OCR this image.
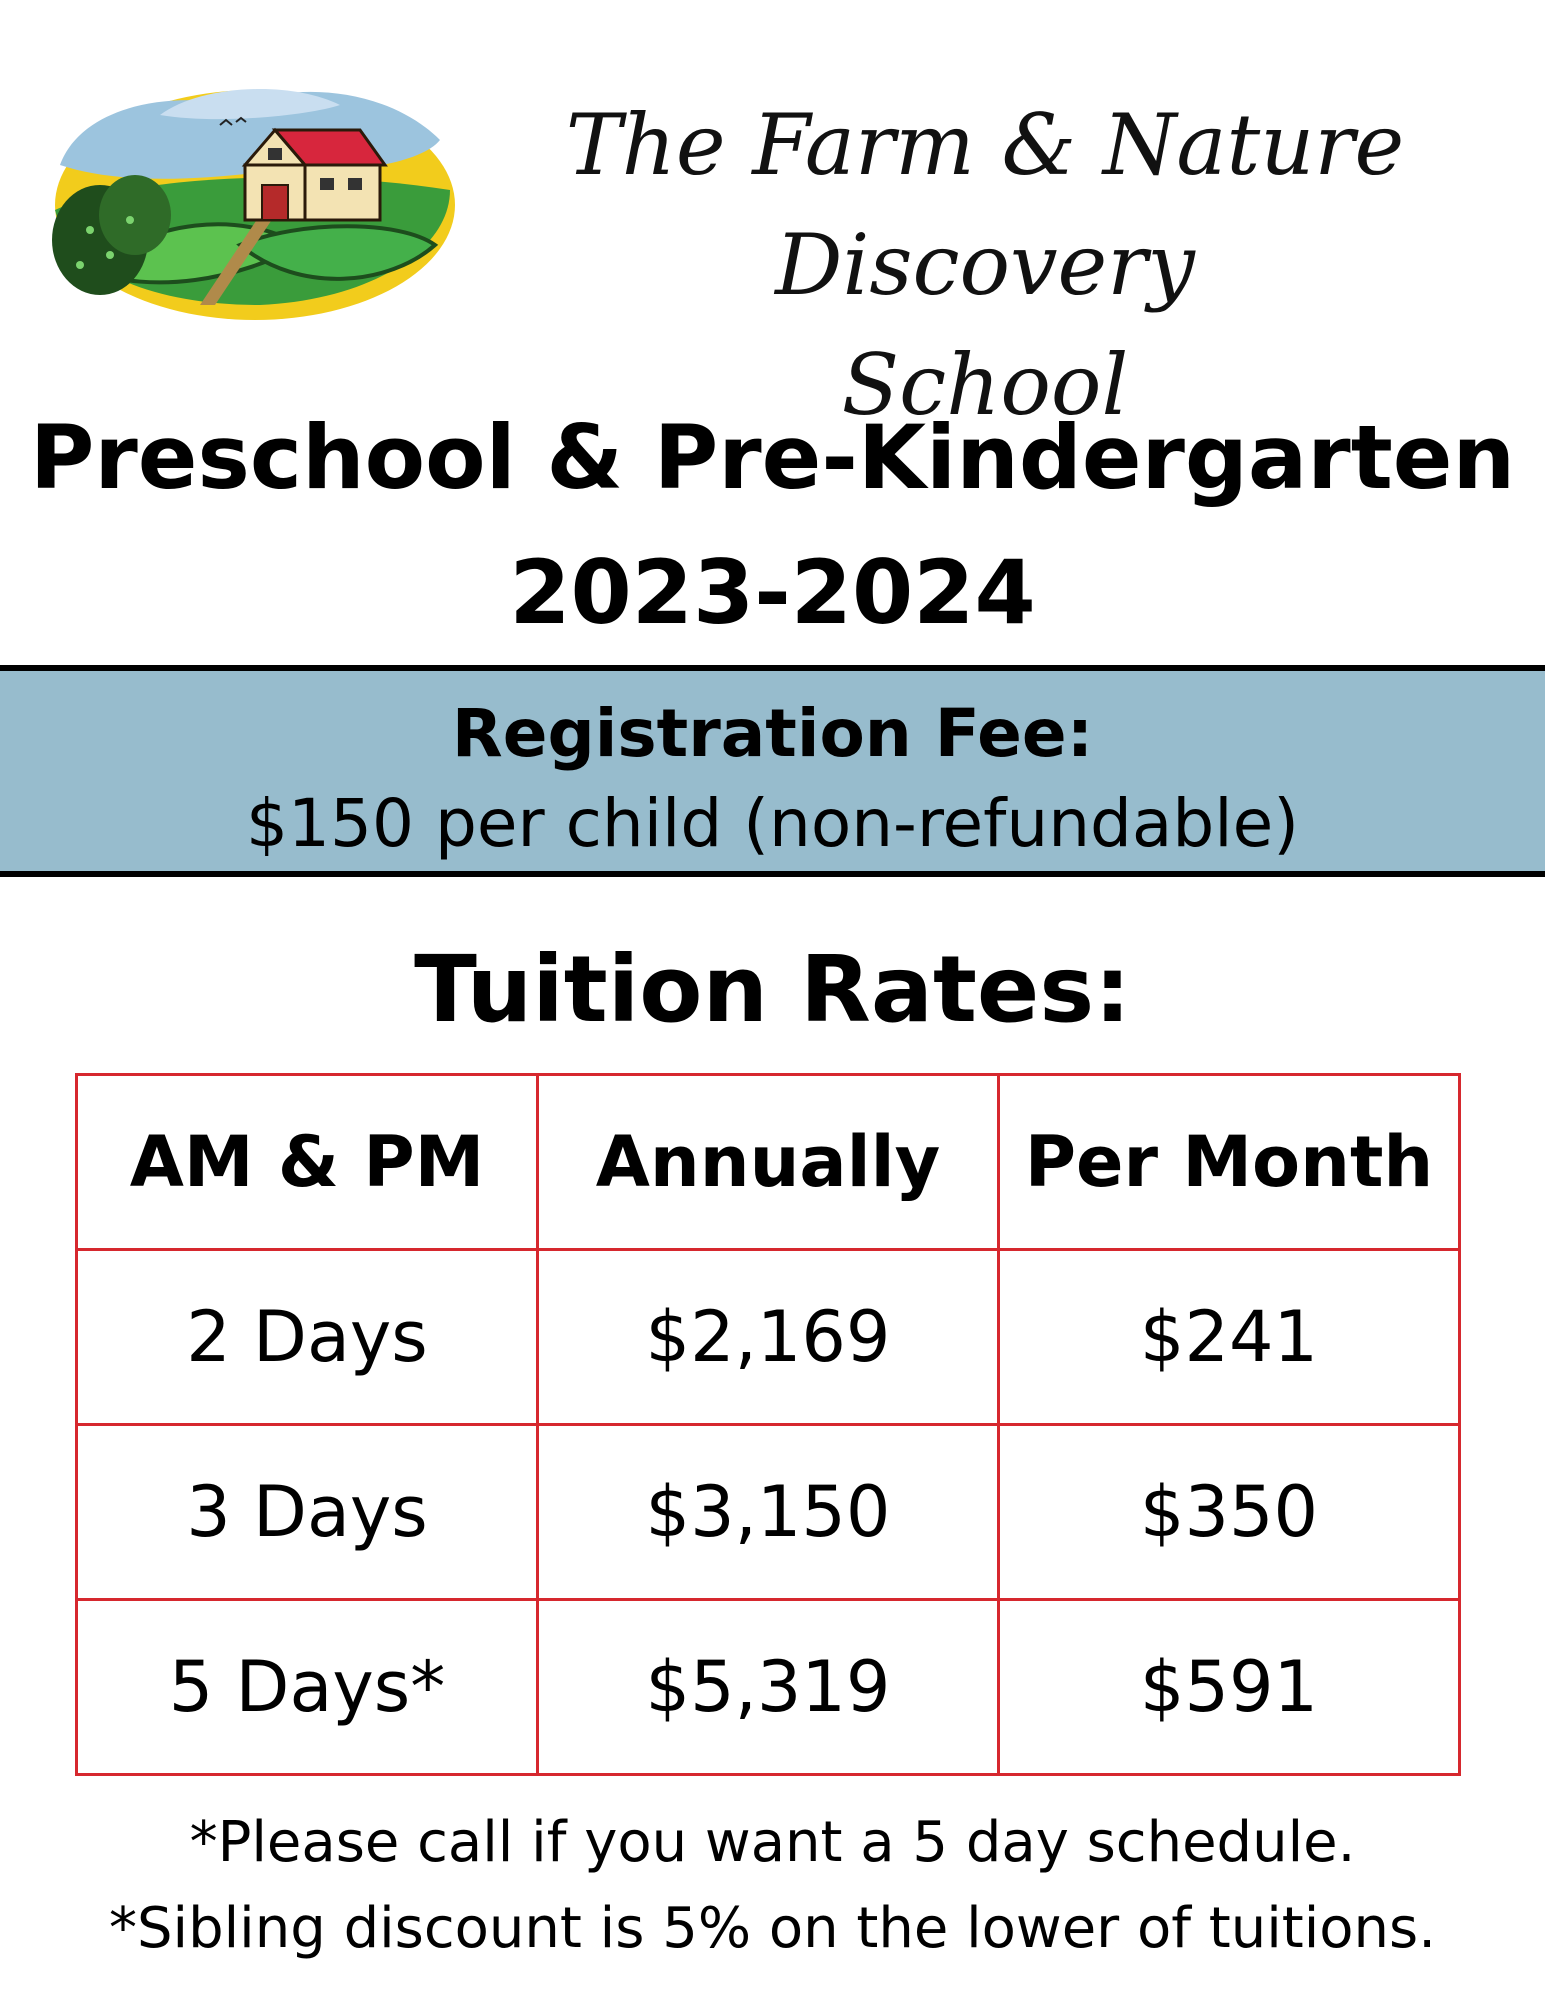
The Farm & Nature Discovery
School
Preschool & Pre-Kindergarten
2023-2024
Registration Fee:
$150 per child (non-refundable)
Tuition Rates:
AM & PM	Annually	Per Month
2 Days	$2,169	$241
3 Days	$3,150	$350
5 Days*	$5,319	$591
*Please call if you want a 5 day schedule.
*Sibling discount is 5% on the lower of tuitions.
